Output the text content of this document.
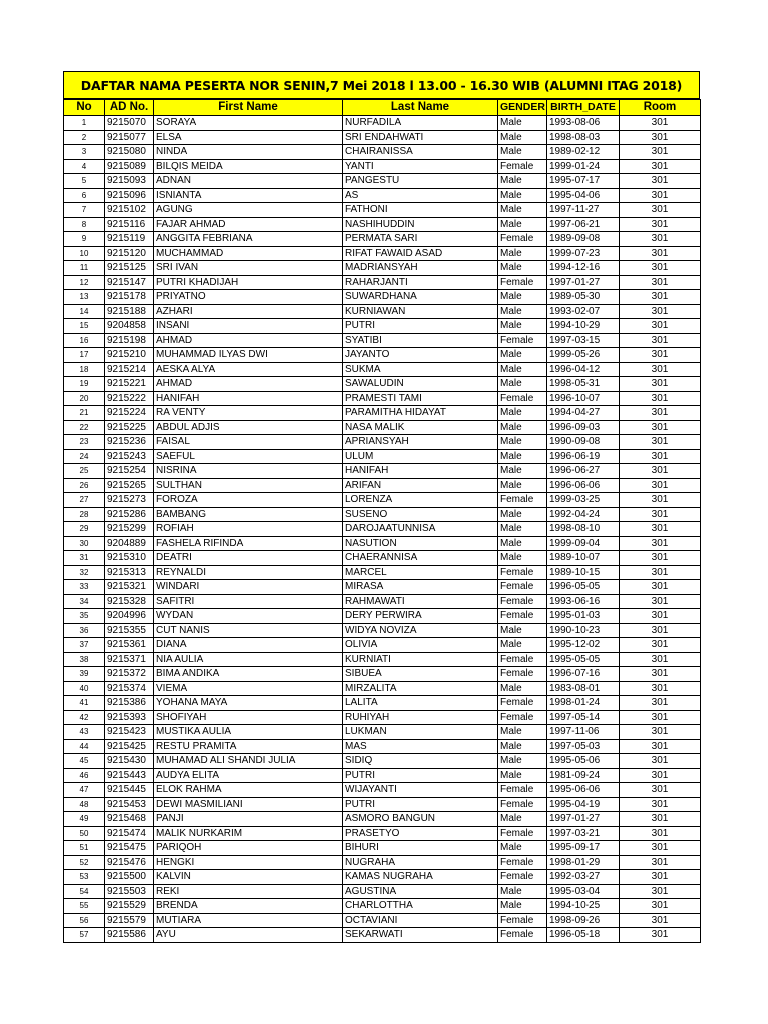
DAFTAR NAMA PESERTA NOR SENIN,7 Mei 2018 l 13.00 - 16.30 WIB (ALUMNI ITAG 2018)
No	AD No.	First Name	Last Name	GENDER	BIRTH_DATE	Room
1	9215070	SORAYA	NURFADILA	Male	1993-08-06	301
2	9215077	ELSA	SRI ENDAHWATI	Male	1998-08-03	301
3	9215080	NINDA	CHAIRANISSA	Male	1989-02-12	301
4	9215089	BILQIS MEIDA	YANTI	Female	1999-01-24	301
5	9215093	ADNAN	PANGESTU	Male	1995-07-17	301
6	9215096	ISNIANTA	AS	Male	1995-04-06	301
7	9215102	AGUNG	FATHONI	Male	1997-11-27	301
8	9215116	FAJAR AHMAD	NASHIHUDDIN	Male	1997-06-21	301
9	9215119	ANGGITA FEBRIANA	PERMATA SARI	Female	1989-09-08	301
10	9215120	MUCHAMMAD	RIFAT FAWAID ASAD	Male	1999-07-23	301
11	9215125	SRI IVAN	MADRIANSYAH	Male	1994-12-16	301
12	9215147	PUTRI KHADIJAH	RAHARJANTI	Female	1997-01-27	301
13	9215178	PRIYATNO	SUWARDHANA	Male	1989-05-30	301
14	9215188	AZHARI	KURNIAWAN	Male	1993-02-07	301
15	9204858	INSANI	PUTRI	Male	1994-10-29	301
16	9215198	AHMAD	SYATIBI	Female	1997-03-15	301
17	9215210	MUHAMMAD ILYAS DWI	JAYANTO	Male	1999-05-26	301
18	9215214	AESKA ALYA	SUKMA	Male	1996-04-12	301
19	9215221	AHMAD	SAWALUDIN	Male	1998-05-31	301
20	9215222	HANIFAH	PRAMESTI TAMI	Female	1996-10-07	301
21	9215224	RA VENTY	PARAMITHA HIDAYAT	Male	1994-04-27	301
22	9215225	ABDUL ADJIS	NASA MALIK	Male	1996-09-03	301
23	9215236	FAISAL	APRIANSYAH	Male	1990-09-08	301
24	9215243	SAEFUL	ULUM	Male	1996-06-19	301
25	9215254	NISRINA	HANIFAH	Male	1996-06-27	301
26	9215265	SULTHAN	ARIFAN	Male	1996-06-06	301
27	9215273	FOROZA	LORENZA	Female	1999-03-25	301
28	9215286	BAMBANG	SUSENO	Male	1992-04-24	301
29	9215299	ROFIAH	DAROJAATUNNISA	Male	1998-08-10	301
30	9204889	FASHELA RIFINDA	NASUTION	Male	1999-09-04	301
31	9215310	DEATRI	CHAERANNISA	Male	1989-10-07	301
32	9215313	REYNALDI	MARCEL	Female	1989-10-15	301
33	9215321	WINDARI	MIRASA	Female	1996-05-05	301
34	9215328	SAFITRI	RAHMAWATI	Female	1993-06-16	301
35	9204996	WYDAN	DERY PERWIRA	Female	1995-01-03	301
36	9215355	CUT NANIS	WIDYA NOVIZA	Male	1990-10-23	301
37	9215361	DIANA	OLIVIA	Male	1995-12-02	301
38	9215371	NIA AULIA	KURNIATI	Female	1995-05-05	301
39	9215372	BIMA ANDIKA	SIBUEA	Female	1996-07-16	301
40	9215374	VIEMA	MIRZALITA	Male	1983-08-01	301
41	9215386	YOHANA MAYA	LALITA	Female	1998-01-24	301
42	9215393	SHOFIYAH	RUHIYAH	Female	1997-05-14	301
43	9215423	MUSTIKA AULIA	LUKMAN	Male	1997-11-06	301
44	9215425	RESTU PRAMITA	MAS	Male	1997-05-03	301
45	9215430	MUHAMAD ALI SHANDI JULIA	SIDIQ	Male	1995-05-06	301
46	9215443	AUDYA ELITA	PUTRI	Male	1981-09-24	301
47	9215445	ELOK RAHMA	WIJAYANTI	Female	1995-06-06	301
48	9215453	DEWI MASMILIANI	PUTRI	Female	1995-04-19	301
49	9215468	PANJI	ASMORO BANGUN	Male	1997-01-27	301
50	9215474	MALIK NURKARIM	PRASETYO	Female	1997-03-21	301
51	9215475	PARIQOH	BIHURI	Male	1995-09-17	301
52	9215476	HENGKI	NUGRAHA	Female	1998-01-29	301
53	9215500	KALVIN	KAMAS NUGRAHA	Female	1992-03-27	301
54	9215503	REKI	AGUSTINA	Male	1995-03-04	301
55	9215529	BRENDA	CHARLOTTHA	Male	1994-10-25	301
56	9215579	MUTIARA	OCTAVIANI	Female	1998-09-26	301
57	9215586	AYU	SEKARWATI	Female	1996-05-18	301
